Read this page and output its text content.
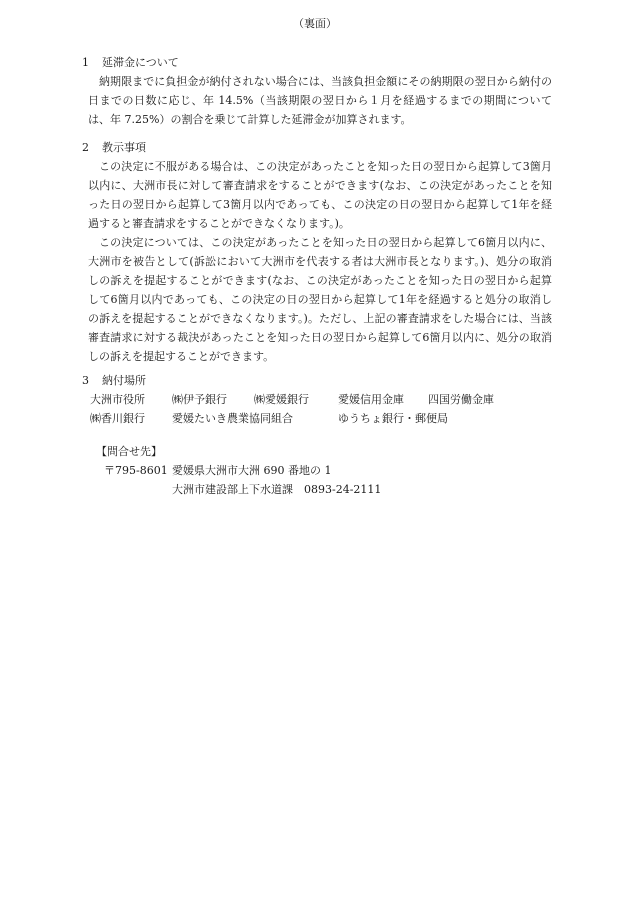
（裏面）
1 延滞金について

納期限までに負担金が納付されない場合には、当該負担金額にその納期限の翌日から納付の日までの日数に応じ、年 14.5%（当該期限の翌日から１月を経過するまでの期間については、年 7.25%）の割合を乗じて計算した延滞金が加算されます。

2 教示事項

この決定に不服がある場合は、この決定があったことを知った日の翌日から起算して3箇月以内に、大洲市長に対して審査請求をすることができます(なお、この決定があったことを知った日の翌日から起算して3箇月以内であっても、この決定の日の翌日から起算して1年を経過すると審査請求をすることができなくなります。)。

この決定については、この決定があったことを知った日の翌日から起算して6箇月以内に、大洲市を被告として(訴訟において大洲市を代表する者は大洲市長となります。)、処分の取消しの訴えを提起することができます(なお、この決定があったことを知った日の翌日から起算して6箇月以内であっても、この決定の日の翌日から起算して1年を経過すると処分の取消しの訴えを提起することができなくなります。)。ただし、上記の審査請求をした場合には、当該審査請求に対する裁決があったことを知った日の翌日から起算して6箇月以内に、処分の取消しの訴えを提起することができます。

3 納付場所
大洲市役所 ㈱伊予銀行 ㈱愛媛銀行	愛媛信用金庫 四国労働金庫
㈱香川銀行 愛媛たいき農業協同組合	ゆうちょ銀行・郵便局
【問合せ先】
〒795-8601 愛媛県大洲市大洲 690 番地の 1
大洲市建設部上下水道課　0893-24-2111
